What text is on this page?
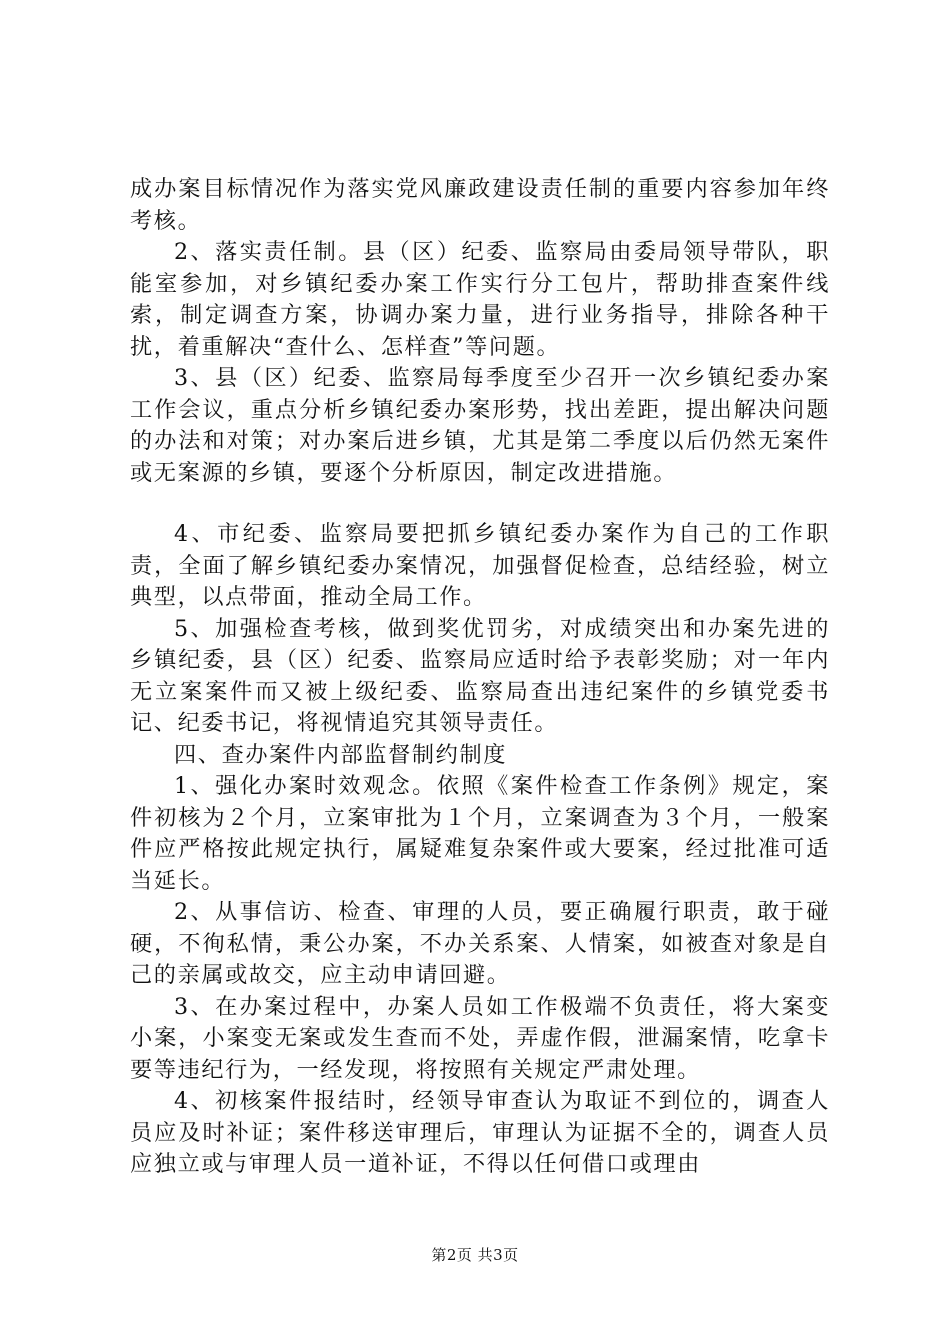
成办案目标情况作为落实党风廉政建设责任制的重要内容参加年终考核。

2、落实责任制。县（区）纪委、监察局由委局领导带队，职能室参加，对乡镇纪委办案工作实行分工包片，帮助排查案件线索，制定调查方案，协调办案力量，进行业务指导，排除各种干扰，着重解决“查什么、怎样查”等问题。

3、县（区）纪委、监察局每季度至少召开一次乡镇纪委办案工作会议，重点分析乡镇纪委办案形势，找出差距，提出解决问题的办法和对策；对办案后进乡镇，尤其是第二季度以后仍然无案件或无案源的乡镇，要逐个分析原因，制定改进措施。

4、市纪委、监察局要把抓乡镇纪委办案作为自己的工作职责，全面了解乡镇纪委办案情况，加强督促检查，总结经验，树立典型，以点带面，推动全局工作。

5、加强检查考核，做到奖优罚劣，对成绩突出和办案先进的乡镇纪委，县（区）纪委、监察局应适时给予表彰奖励；对一年内无立案案件而又被上级纪委、监察局查出违纪案件的乡镇党委书记、纪委书记，将视情追究其领导责任。

四、查办案件内部监督制约制度

1、强化办案时效观念。依照《案件检查工作条例》规定，案件初核为２个月，立案审批为１个月，立案调查为３个月，一般案件应严格按此规定执行，属疑难复杂案件或大要案，经过批准可适当延长。

2、从事信访、检查、审理的人员，要正确履行职责，敢于碰硬，不徇私情，秉公办案，不办关系案、人情案，如被查对象是自己的亲属或故交，应主动申请回避。

3、在办案过程中，办案人员如工作极端不负责任，将大案变小案，小案变无案或发生查而不处，弄虚作假，泄漏案情，吃拿卡要等违纪行为，一经发现，将按照有关规定严肃处理。

4、初核案件报结时，经领导审查认为取证不到位的，调查人员应及时补证；案件移送审理后，审理认为证据不全的，调查人员应独立或与审理人员一道补证，不得以任何借口或理由

第2页 共3页
